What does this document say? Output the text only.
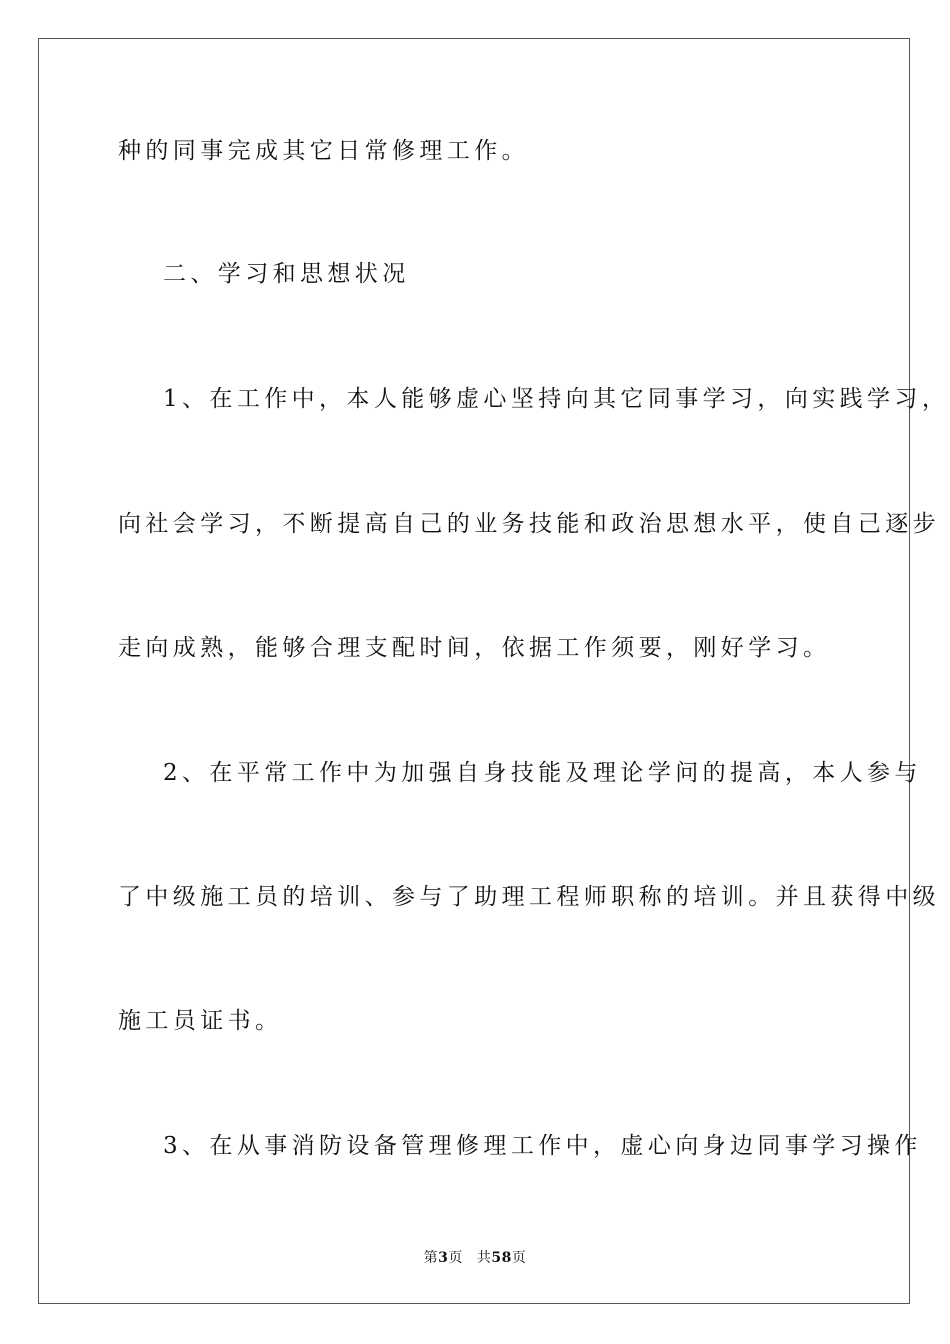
种的同事完成其它日常修理工作。
二、学习和思想状况
1、在工作中，本人能够虚心坚持向其它同事学习，向实践学习，
向社会学习，不断提高自己的业务技能和政治思想水平，使自己逐步
走向成熟，能够合理支配时间，依据工作须要，刚好学习。
2、在平常工作中为加强自身技能及理论学问的提高，本人参与
了中级施工员的培训、参与了助理工程师职称的培训。并且获得中级
施工员证书。
3、在从事消防设备管理修理工作中，虚心向身边同事学习操作
第3页 共58页
